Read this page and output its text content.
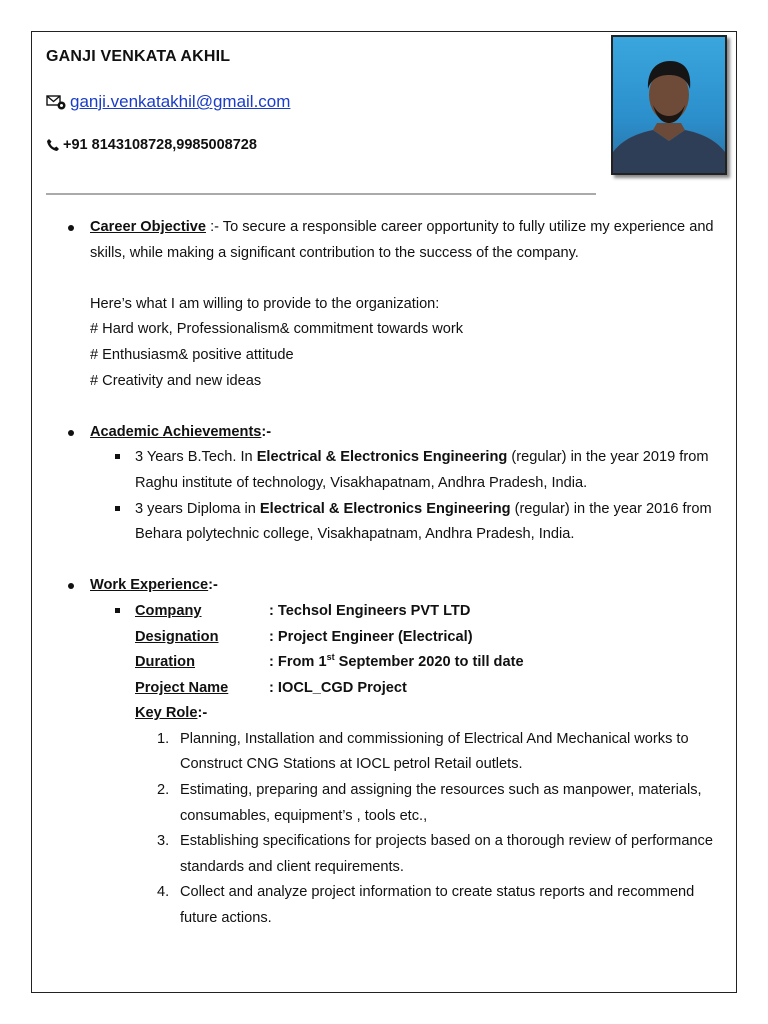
GANJI VENKATA AKHIL
ganji.venkatakhil@gmail.com
+91 8143108728,9985008728
Career Objective :- To secure a responsible career opportunity to fully utilize my experience and skills, while making a significant contribution to the success of the company.
Here’s what I am willing to provide to the organization:
# Hard work, Professionalism& commitment towards work
# Enthusiasm& positive attitude
# Creativity and new ideas
Academic Achievements:-
3 Years B.Tech. In Electrical & Electronics Engineering (regular) in the year 2019 from Raghu institute of technology, Visakhapatnam, Andhra Pradesh, India.
3 years Diploma in Electrical & Electronics Engineering (regular) in the year 2016 from Behara polytechnic college, Visakhapatnam, Andhra Pradesh, India.
Work Experience:-
Company	: Techsol Engineers PVT LTD
Designation	: Project Engineer (Electrical)
Duration	: From 1st September 2020 to till date
Project Name	: IOCL_CGD Project
Key Role:-
1. Planning, Installation and commissioning of Electrical And Mechanical works to Construct CNG Stations at IOCL petrol Retail outlets.
2. Estimating, preparing and assigning the resources such as manpower, materials, consumables, equipment’s , tools etc.,
3. Establishing specifications for projects based on a thorough review of performance standards and client requirements.
4. Collect and analyze project information to create status reports and recommend future actions.
